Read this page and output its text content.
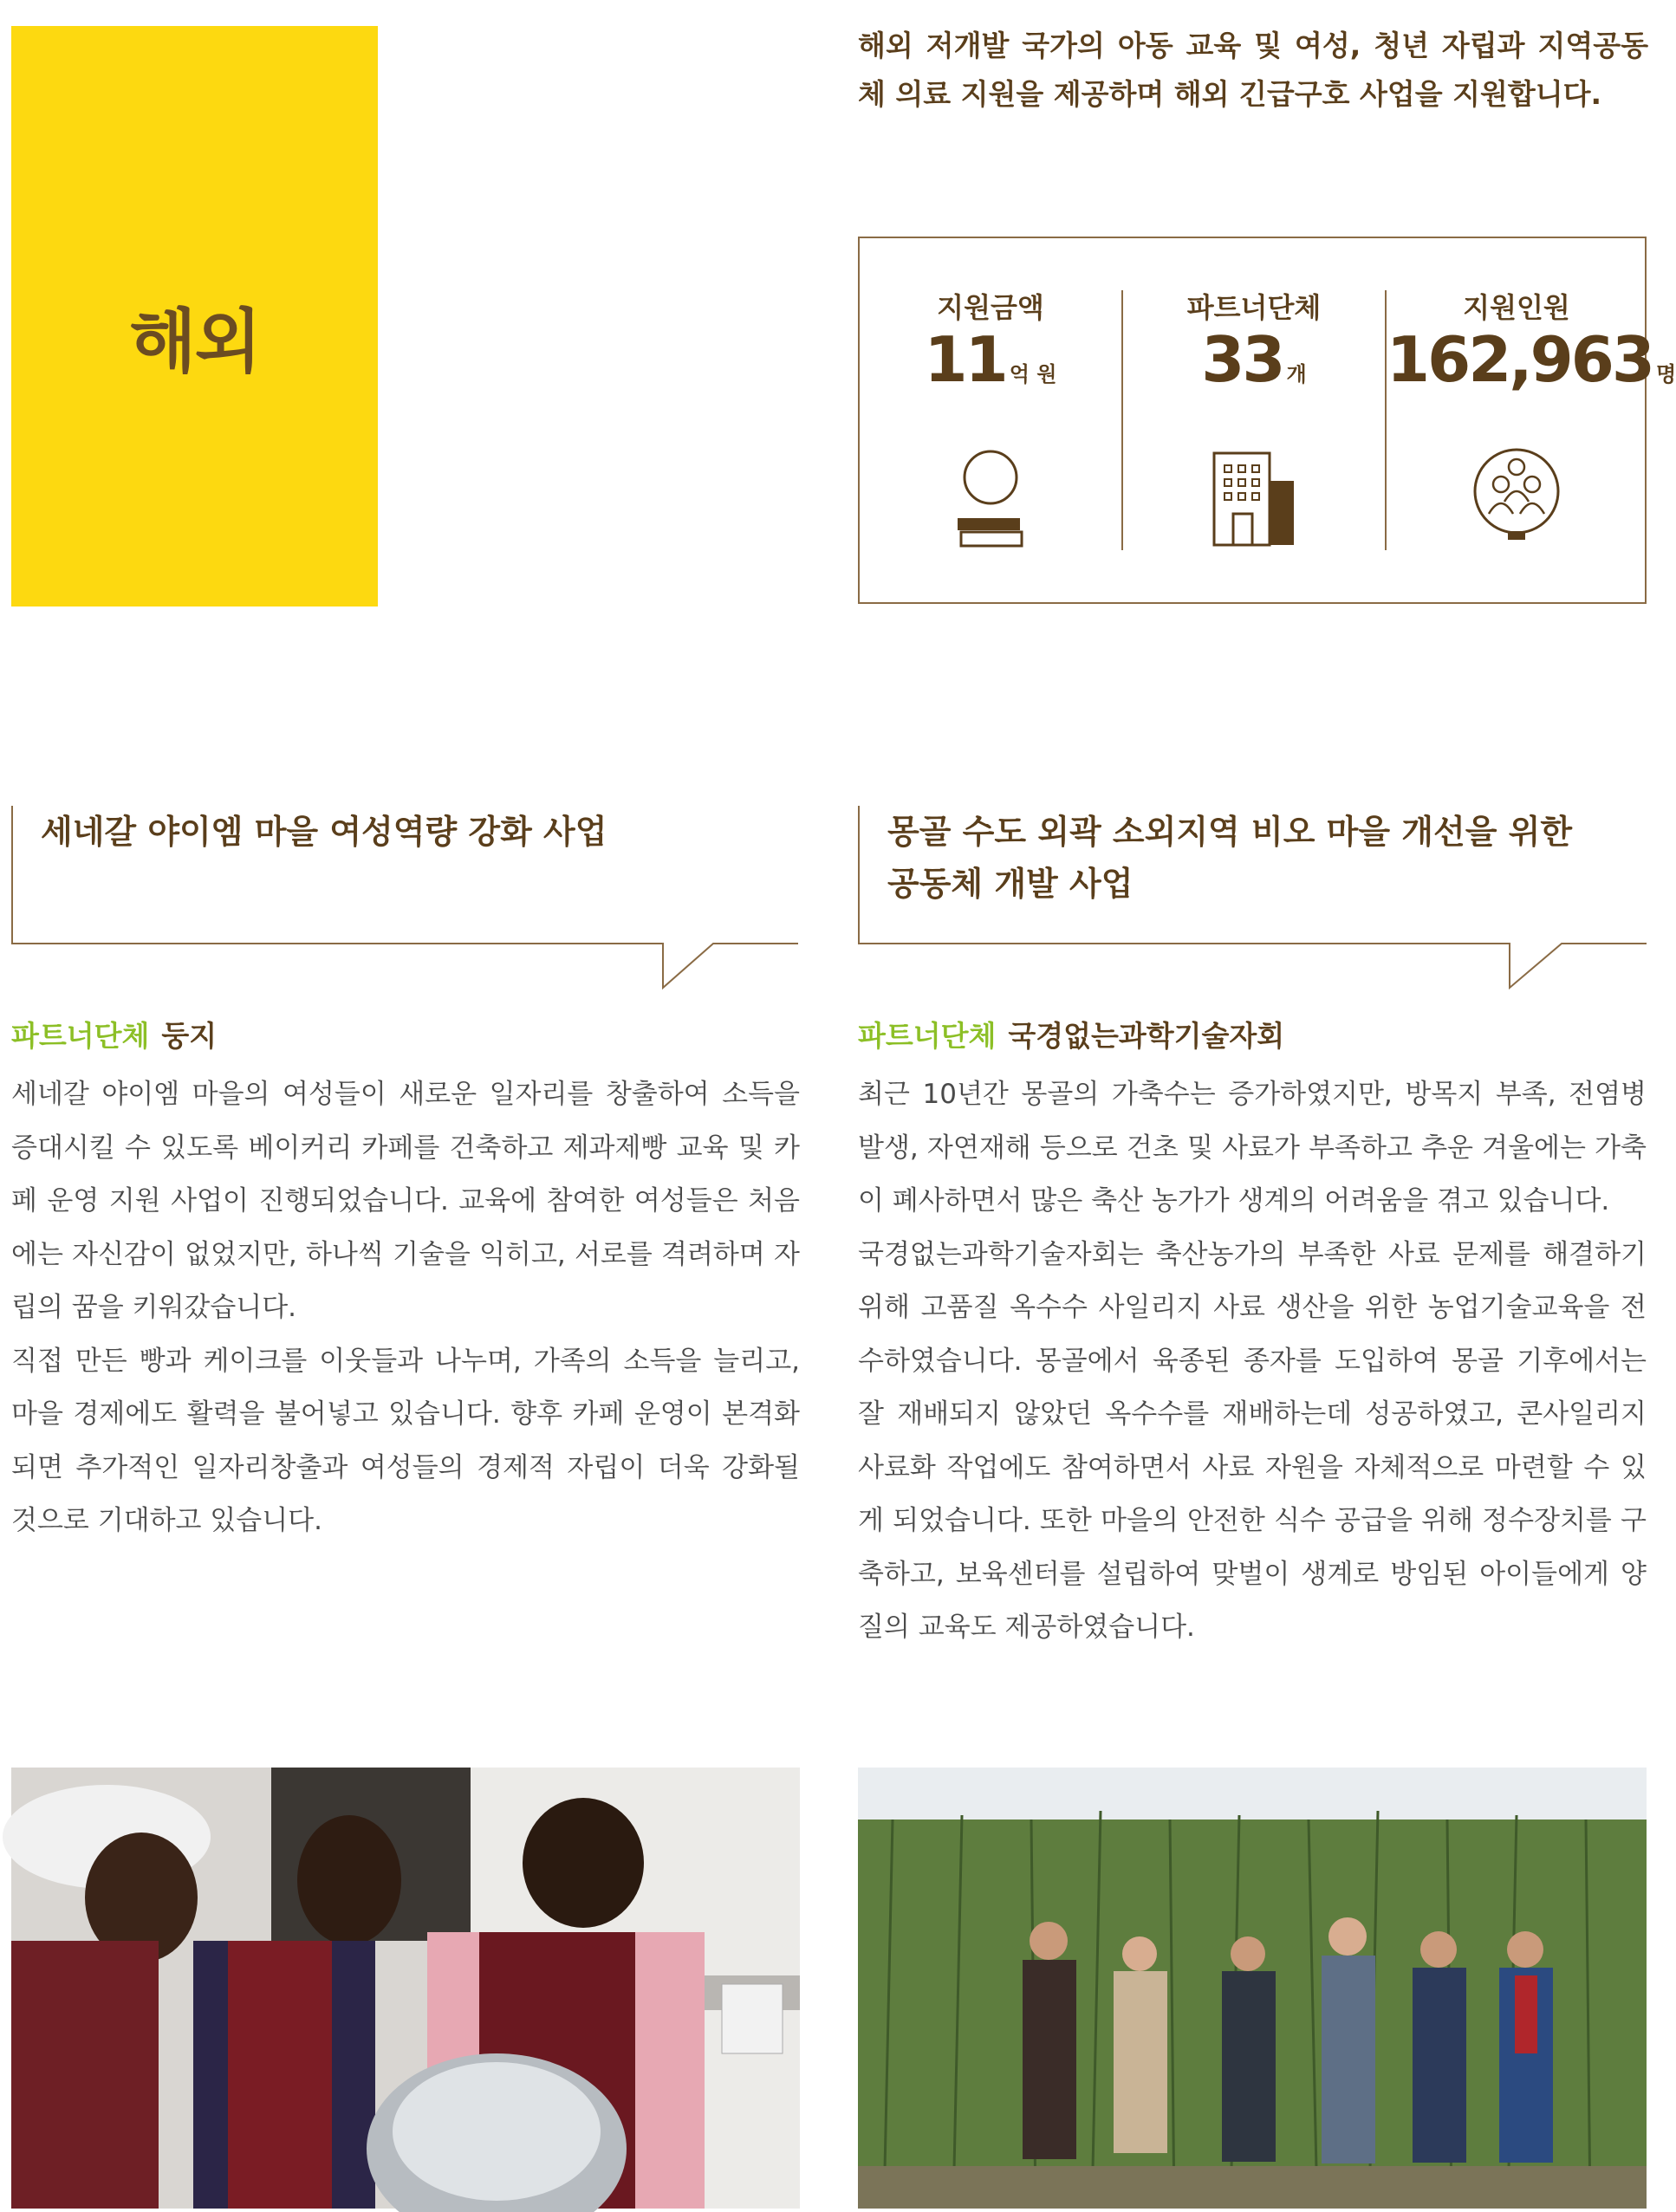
해외

해외 저개발 국가의 아동 교육 및 여성, 청년 자립과 지역공동체 의료 지원을 제공하며 해외 긴급구호 사업을 지원합니다.

지원금액
11 억 원
파트너단체
33 개
지원인원
162,963 명

세네갈 야이엠 마을 여성역량 강화 사업

파트너단체 둥지

세네갈 야이엠 마을의 여성들이 새로운 일자리를 창출하여 소득을 증대시킬 수 있도록 베이커리 카페를 건축하고 제과제빵 교육 및 카페 운영 지원 사업이 진행되었습니다. 교육에 참여한 여성들은 처음에는 자신감이 없었지만, 하나씩 기술을 익히고, 서로를 격려하며 자립의 꿈을 키워갔습니다.

직접 만든 빵과 케이크를 이웃들과 나누며, 가족의 소득을 늘리고, 마을 경제에도 활력을 불어넣고 있습니다. 향후 카페 운영이 본격화되면 추가적인 일자리창출과 여성들의 경제적 자립이 더욱 강화될 것으로 기대하고 있습니다.

몽골 수도 외곽 소외지역 비오 마을 개선을 위한

공동체 개발 사업

파트너단체 국경없는과학기술자회

최근 10년간 몽골의 가축수는 증가하였지만, 방목지 부족, 전염병 발생, 자연재해 등으로 건초 및 사료가 부족하고 추운 겨울에는 가축이 폐사하면서 많은 축산 농가가 생계의 어려움을 겪고 있습니다.

국경없는과학기술자회는 축산농가의 부족한 사료 문제를 해결하기 위해 고품질 옥수수 사일리지 사료 생산을 위한 농업기술교육을 전수하였습니다. 몽골에서 육종된 종자를 도입하여 몽골 기후에서는 잘 재배되지 않았던 옥수수를 재배하는데 성공하였고, 콘사일리지 사료화 작업에도 참여하면서 사료 자원을 자체적으로 마련할 수 있게 되었습니다. 또한 마을의 안전한 식수 공급을 위해 정수장치를 구축하고, 보육센터를 설립하여 맞벌이 생계로 방임된 아이들에게 양질의 교육도 제공하였습니다.
